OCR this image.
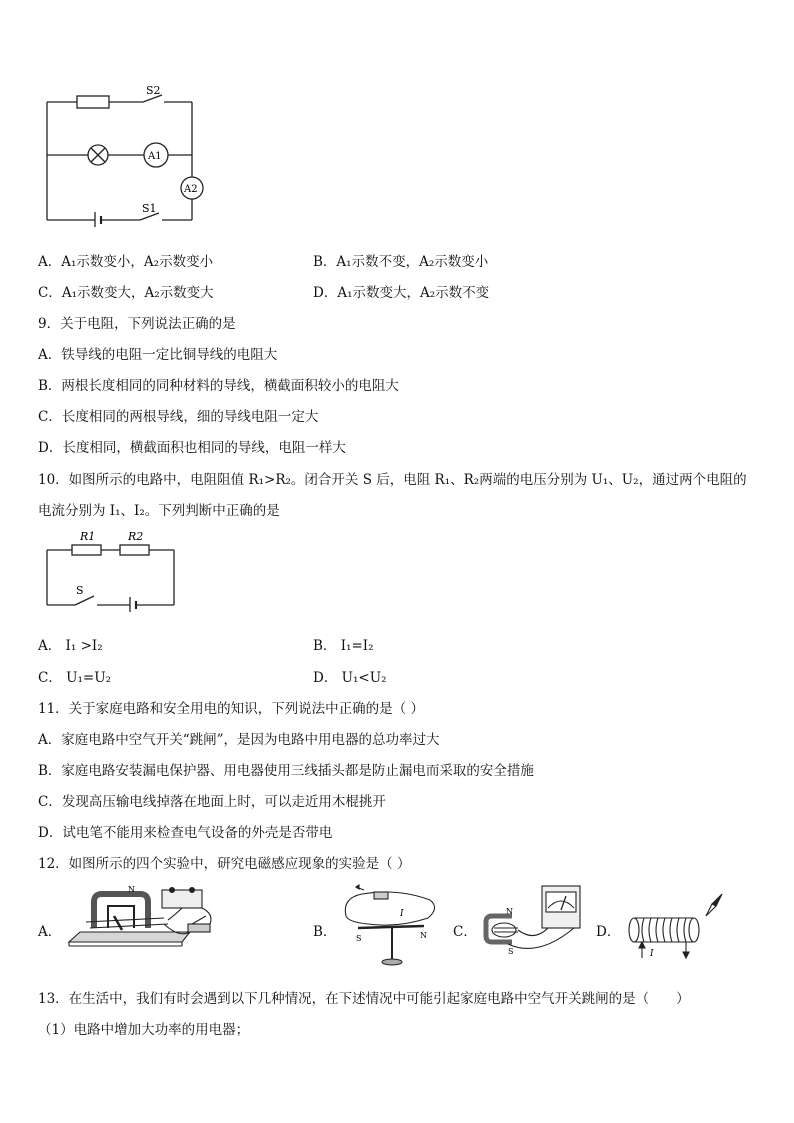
S2
S1
A1
A2
A．A₁示数变小，A₂示数变小	B．A₁示数不变，A₂示数变小
C．A₁示数变大，A₂示数变大	D．A₁示数变大，A₂示数不变
9．关于电阻，下列说法正确的是
A．铁导线的电阻一定比铜导线的电阻大
B．两根长度相同的同种材料的导线，横截面积较小的电阻大
C．长度相同的两根导线，细的导线电阻一定大
D．长度相同，横截面积也相同的导线，电阻一样大
10．如图所示的电路中，电阻阻值 R₁>R₂。闭合开关 S 后，电阻 R₁、R₂两端的电压分别为 U₁、U₂，通过两个电阻的
电流分别为 I₁、I₂。下列判断中正确的是
R1	R2
S
A． I₁ >I₂	B． I₁=I₂
C． U₁=U₂	D． U₁<U₂
11．关于家庭电路和安全用电的知识，下列说法中正确的是（ ）
A．家庭电路中空气开关“跳闸”，是因为电路中用电器的总功率过大
B．家庭电路安装漏电保护器、用电器使用三线插头都是防止漏电而采取的安全措施
C．发现高压输电线掉落在地面上时，可以走近用木棍挑开
D．试电笔不能用来检查电气设备的外壳是否带电
12．如图所示的四个实验中，研究电磁感应现象的实验是（ ）
A．	B．	C．	D．
N
I
S	N
N
S	I
13．在生活中，我们有时会遇到以下几种情况，在下述情况中可能引起家庭电路中空气开关跳闸的是（　　）
（1）电路中增加大功率的用电器；
